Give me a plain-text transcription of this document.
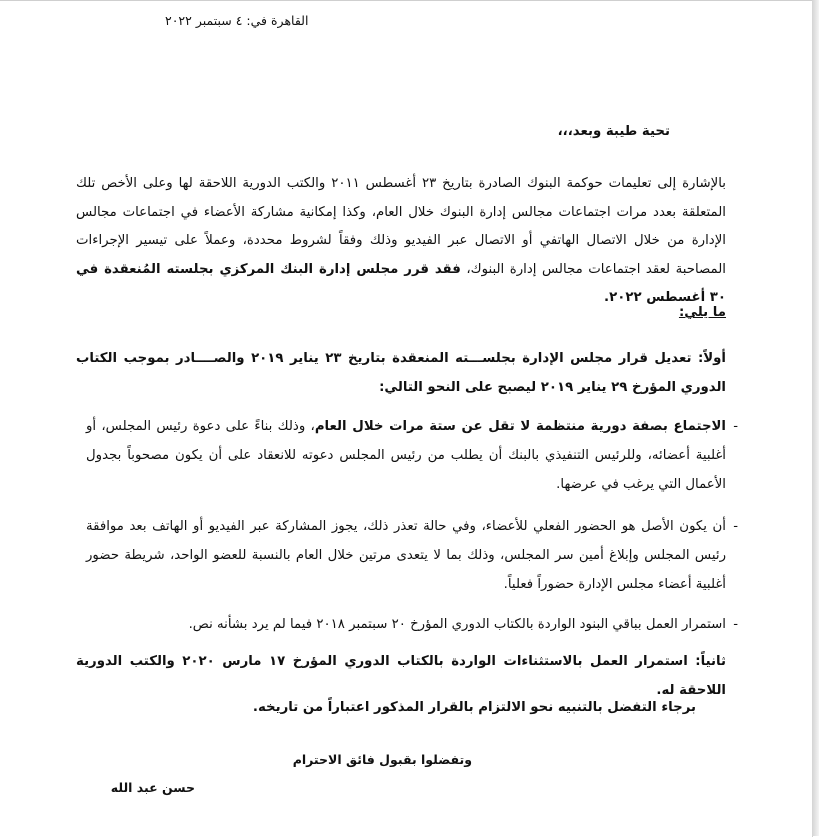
القاهرة في: ٤ سبتمبر ٢٠٢٢
تحية طيبة وبعد،،،
بالإشارة إلى تعليمات حوكمة البنوك الصادرة بتاريخ ٢٣ أغسطس ٢٠١١ والكتب الدورية اللاحقة لها وعلى الأخص تلك المتعلقة بعدد مرات اجتماعات مجالس إدارة البنوك خلال العام، وكذا إمكانية مشاركة الأعضاء في اجتماعات مجالس الإدارة من خلال الاتصال الهاتفي أو الاتصال عبر الفيديو وذلك وفقاً لشروط محددة، وعملاً على تيسير الإجراءات المصاحبة لعقد اجتماعات مجالس إدارة البنوك، فقد قرر مجلس إدارة البنك المركزي بجلسته المُنعقدة في ٣٠ أغسطس ٢٠٢٢.
ما يلي:
أولاً: تعديل قرار مجلس الإدارة بجلســـته المنعقدة بتاريخ ٢٣ يناير ٢٠١٩ والصــــادر بموجب الكتاب الدوري المؤرخ ٢٩ يناير ٢٠١٩ ليصبح على النحو التالي:
-
الاجتماع بصفة دورية منتظمة لا تقل عن ستة مرات خلال العام، وذلك بناءً على دعوة رئيس المجلس، أو أغلبية أعضائه، وللرئيس التنفيذي بالبنك أن يطلب من رئيس المجلس دعوته للانعقاد على أن يكون مصحوباً بجدول الأعمال التي يرغب في عرضها.
-
أن يكون الأصل هو الحضور الفعلي للأعضاء، وفي حالة تعذر ذلك، يجوز المشاركة عبر الفيديو أو الهاتف بعد موافقة رئيس المجلس وإبلاغ أمين سر المجلس، وذلك بما لا يتعدى مرتين خلال العام بالنسبة للعضو الواحد، شريطة حضور أغلبية أعضاء مجلس الإدارة حضوراً فعلياً.
-
استمرار العمل بباقي البنود الواردة بالكتاب الدوري المؤرخ ٢٠ سبتمبر ٢٠١٨ فيما لم يرد بشأنه نص.
ثانياً: استمرار العمل بالاستثناءات الواردة بالكتاب الدوري المؤرخ ١٧ مارس ٢٠٢٠ والكتب الدورية اللاحقة له.
برجاء التفضل بالتنبيه نحو الالتزام بالقرار المذكور اعتباراً من تاريخه.
وتفضلوا بقبول فائق الاحترام
حسن عبد الله
